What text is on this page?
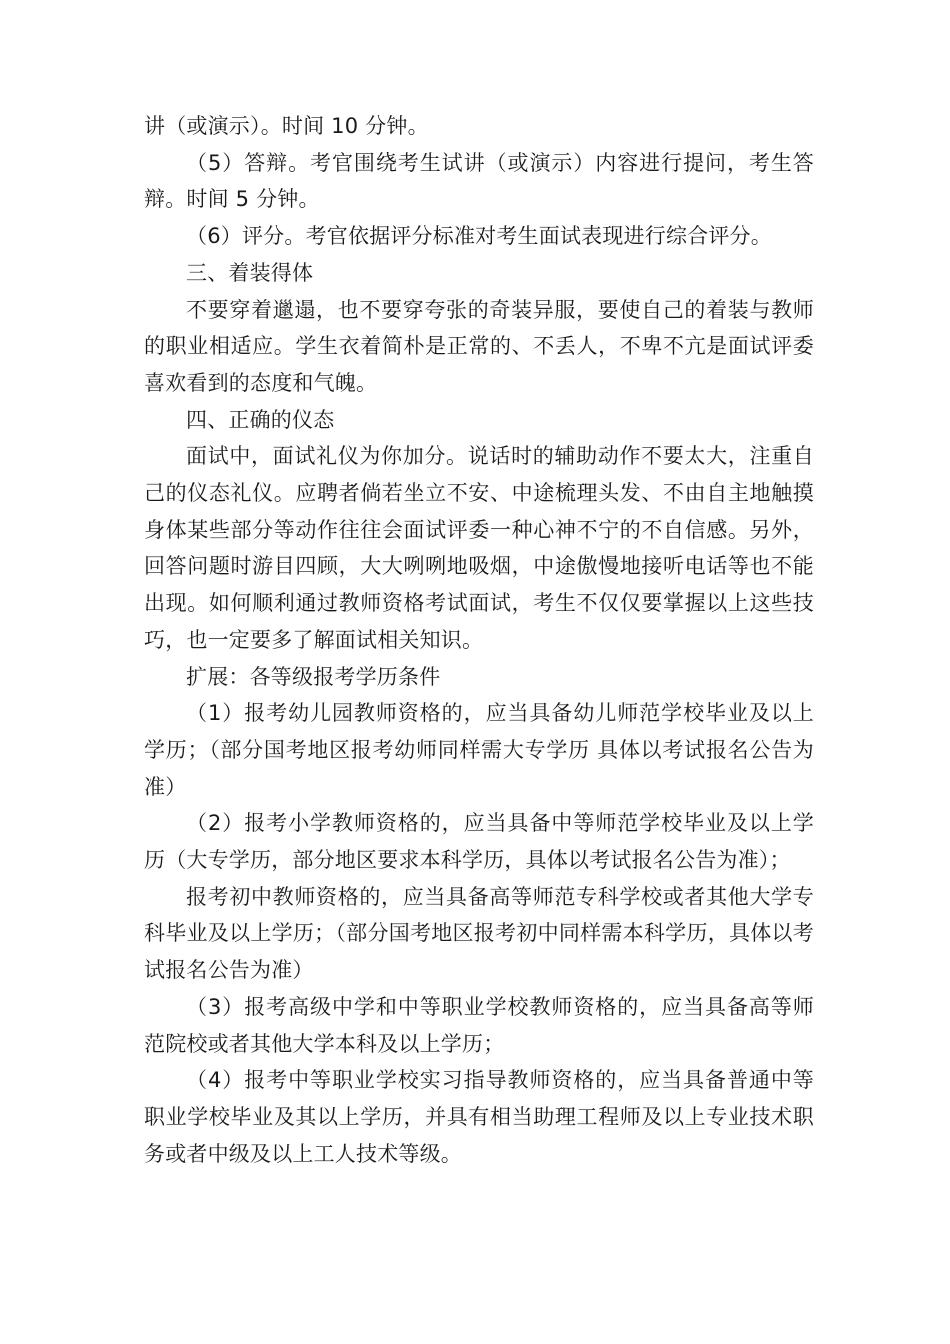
讲（或演示）。时间 10 分钟。

（5）答辩。考官围绕考生试讲（或演示）内容进行提问，考生答辩。时间 5 分钟。

（6）评分。考官依据评分标准对考生面试表现进行综合评分。

三、着装得体

不要穿着邋遢，也不要穿夸张的奇装异服，要使自己的着装与教师的职业相适应。学生衣着简朴是正常的、不丢人，不卑不亢是面试评委喜欢看到的态度和气魄。

四、正确的仪态

面试中，面试礼仪为你加分。说话时的辅助动作不要太大，注重自己的仪态礼仪。应聘者倘若坐立不安、中途梳理头发、不由自主地触摸身体某些部分等动作往往会面试评委一种心神不宁的不自信感。另外，回答问题时游目四顾，大大咧咧地吸烟，中途傲慢地接听电话等也不能出现。如何顺利通过教师资格考试面试，考生不仅仅要掌握以上这些技巧，也一定要多了解面试相关知识。

扩展：各等级报考学历条件

（1）报考幼儿园教师资格的，应当具备幼儿师范学校毕业及以上学历；（部分国考地区报考幼师同样需大专学历 具体以考试报名公告为准）

（2）报考小学教师资格的，应当具备中等师范学校毕业及以上学历（大专学历，部分地区要求本科学历，具体以考试报名公告为准）；

报考初中教师资格的，应当具备高等师范专科学校或者其他大学专科毕业及以上学历；（部分国考地区报考初中同样需本科学历，具体以考试报名公告为准）

（3）报考高级中学和中等职业学校教师资格的，应当具备高等师范院校或者其他大学本科及以上学历；

（4）报考中等职业学校实习指导教师资格的，应当具备普通中等职业学校毕业及其以上学历，并具有相当助理工程师及以上专业技术职务或者中级及以上工人技术等级。
